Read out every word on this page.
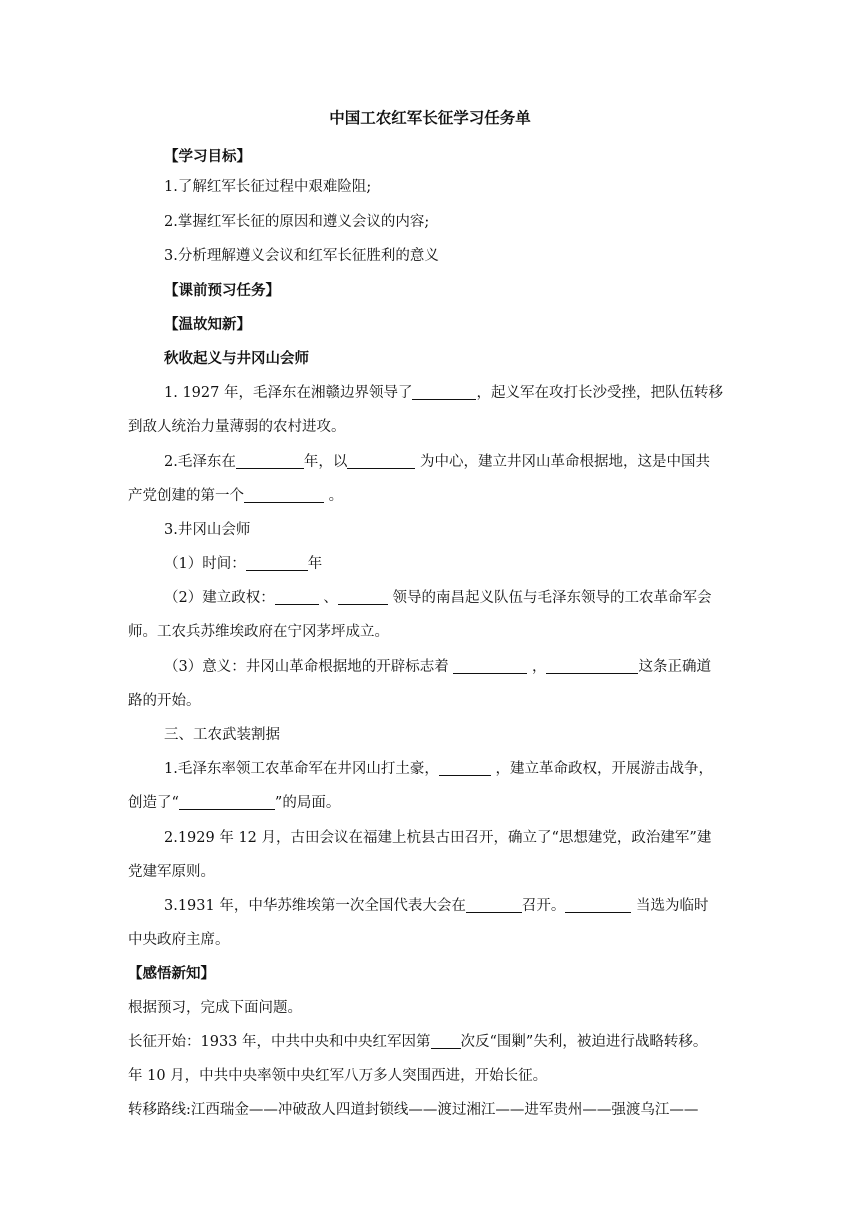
中国工农红军长征学习任务单
【学习目标】
1.了解红军长征过程中艰难险阻;
2.掌握红军长征的原因和遵义会议的内容;
3.分析理解遵义会议和红军长征胜利的意义
【课前预习任务】
【温故知新】
秋收起义与井冈山会师
1. 1927 年，毛泽东在湘赣边界领导了	，起义军在攻打长沙受挫，把队伍转移
到敌人统治力量薄弱的农村进攻。
2.毛泽东在	年，以	为中心，建立井冈山革命根据地，这是中国共
产党创建的第一个	。
3.井冈山会师
（1）时间：	年
（2）建立政权：	、	领导的南昌起义队伍与毛泽东领导的工农革命军会
师。工农兵苏维埃政府在宁冈茅坪成立。
（3）意义：井冈山革命根据地的开辟标志着	，	这条正确道
路的开始。
三、工农武装割据
1.毛泽东率领工农革命军在井冈山打土豪，	，建立革命政权，开展游击战争，
创造了“	”的局面。
2.1929 年 12 月，古田会议在福建上杭县古田召开，确立了“思想建党，政治建军”建
党建军原则。
3.1931 年，中华苏维埃第一次全国代表大会在	召开。	当选为临时
中央政府主席。
【感悟新知】
根据预习，完成下面问题。
长征开始：1933 年，中共中央和中央红军因第 次反“围剿”失利，被迫进行战略转移。
年 10 月，中共中央率领中央红军八万多人突围西进，开始长征。
转移路线:江西瑞金——冲破敌人四道封锁线——渡过湘江——进军贵州——强渡乌江——
